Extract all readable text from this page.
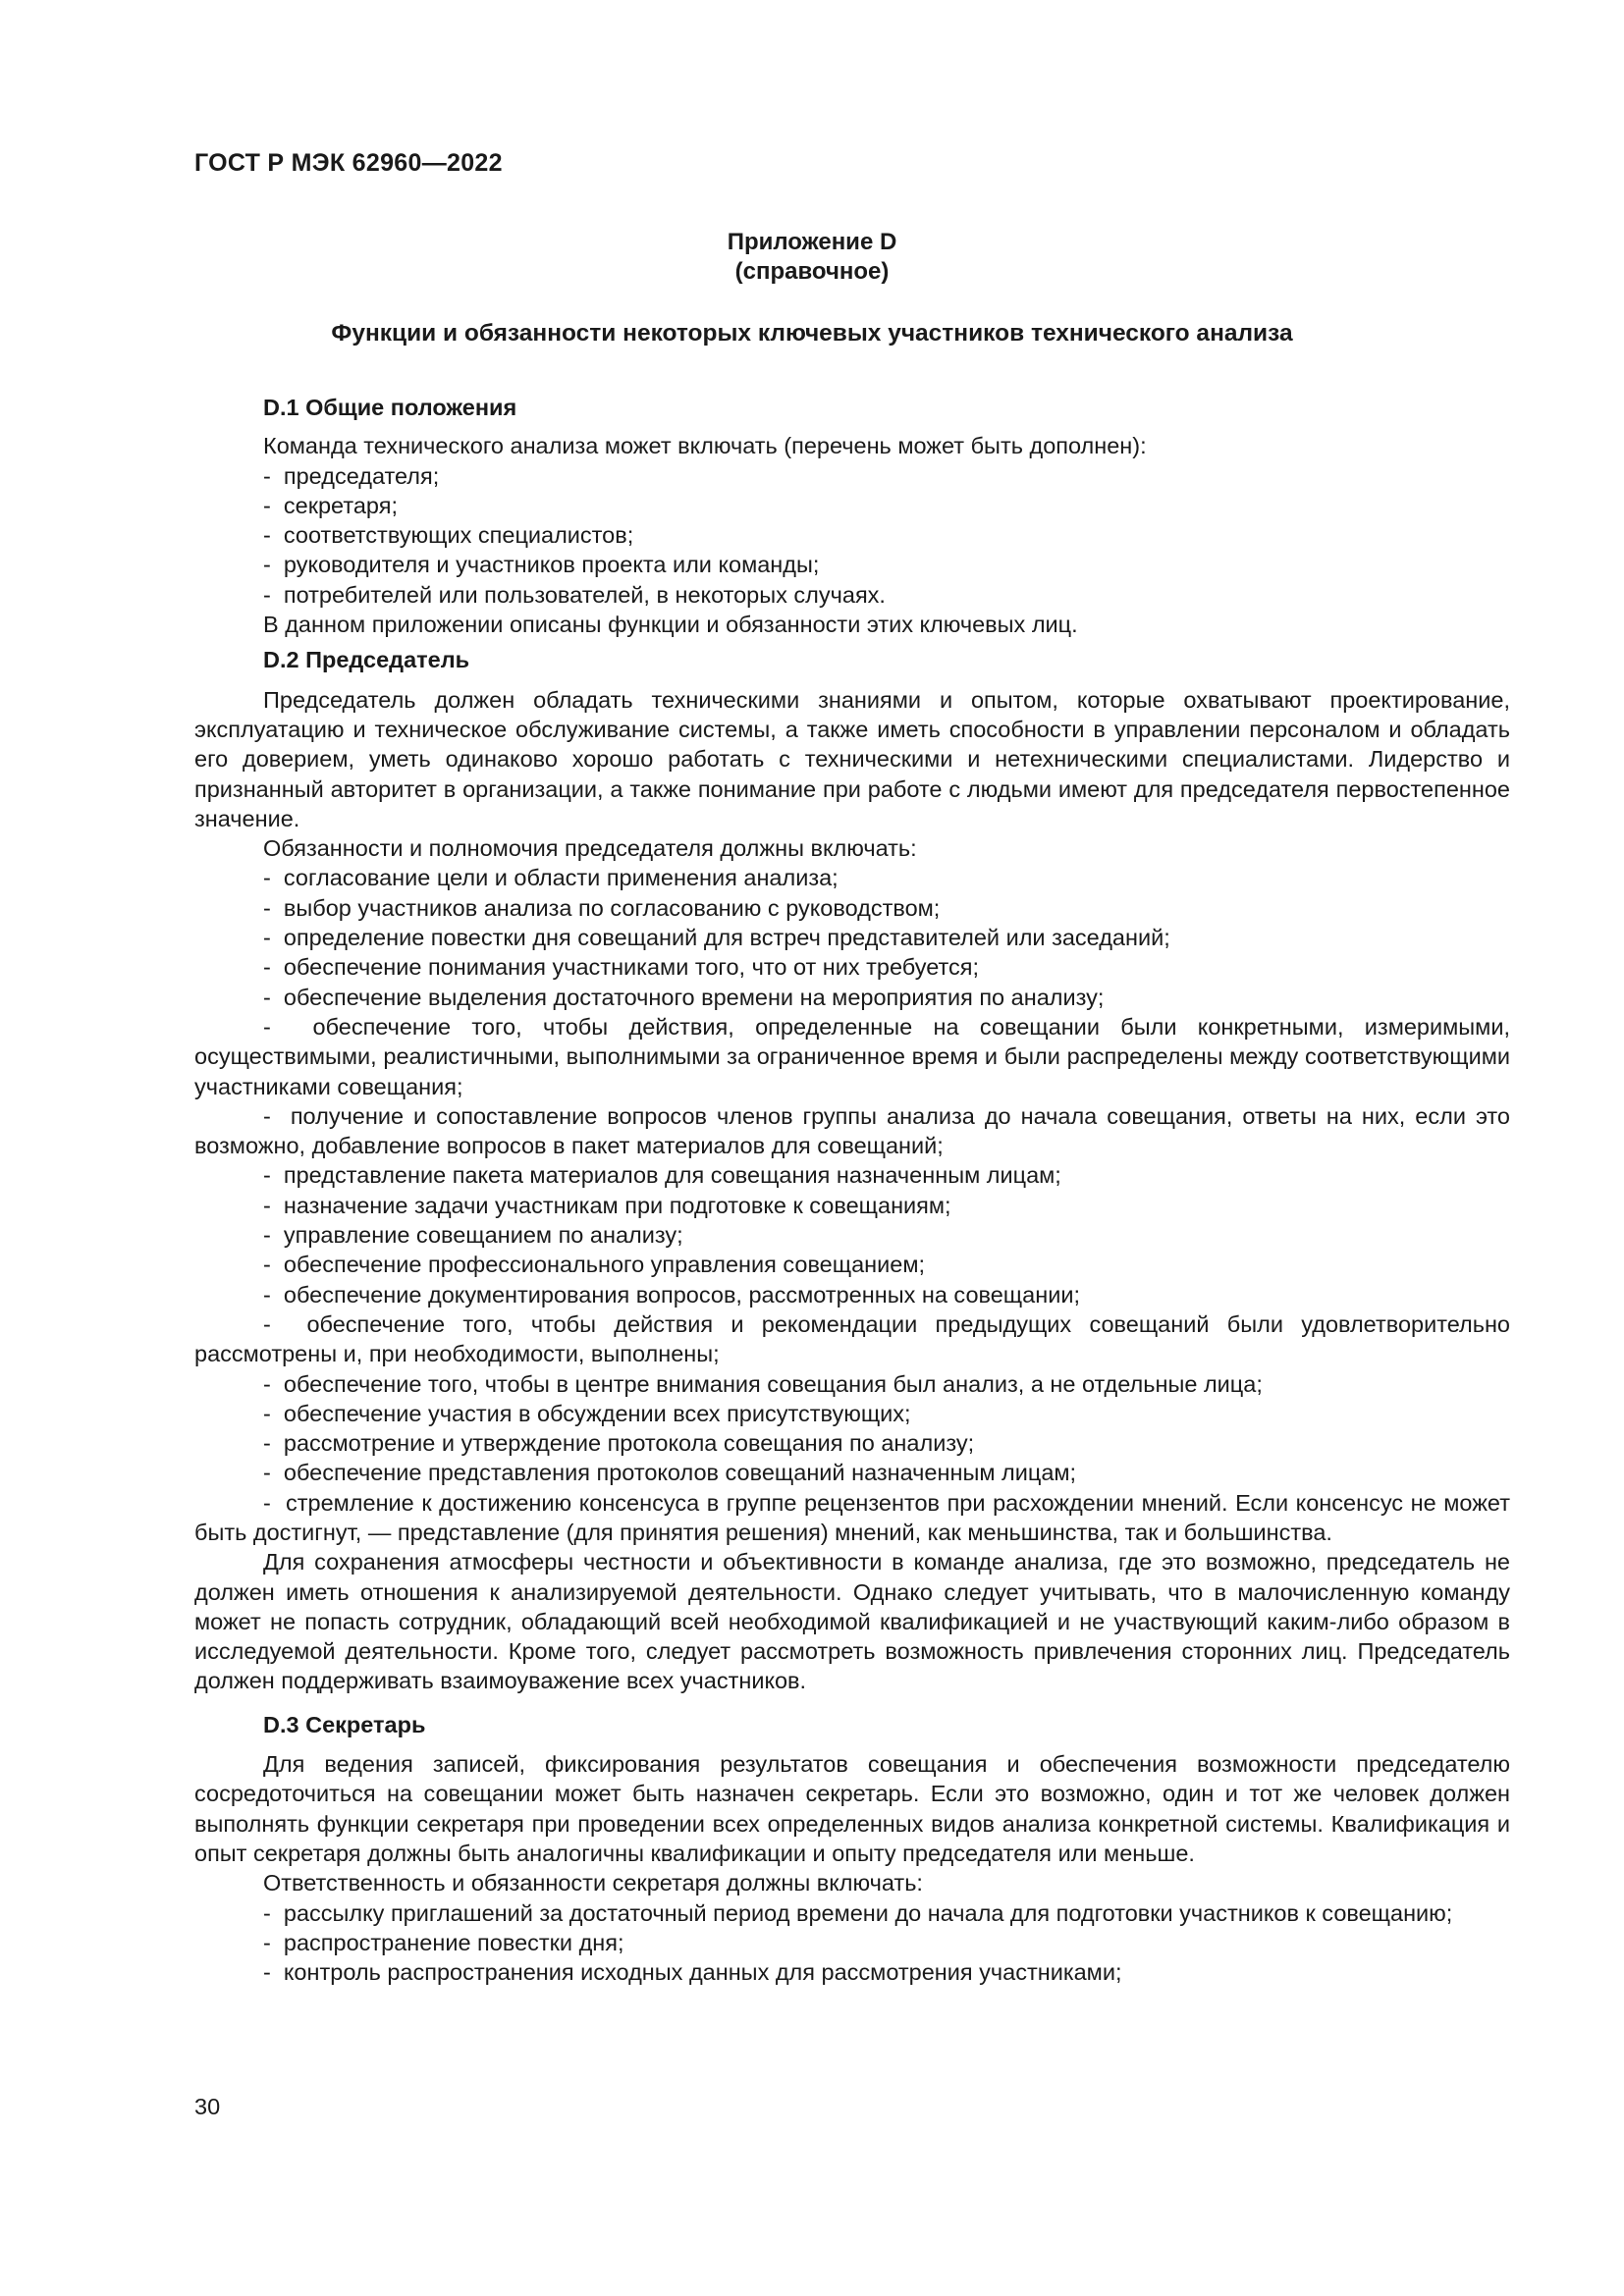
ГОСТ Р МЭК 62960—2022
Приложение D
(справочное)
Функции и обязанности некоторых ключевых участников технического анализа

D.1 Общие положения

Команда технического анализа может включать (перечень может быть дополнен):

-  председателя;

-  секретаря;

-  соответствующих специалистов;

-  руководителя и участников проекта или команды;

-  потребителей или пользователей, в некоторых случаях.

В данном приложении описаны функции и обязанности этих ключевых лиц.

D.2 Председатель

Председатель должен обладать техническими знаниями и опытом, которые охватывают проектирование, эксплуатацию и техническое обслуживание системы, а также иметь способности в управлении персоналом и обладать его доверием, уметь одинаково хорошо работать с техническими и нетехническими специалистами. Лидерство и признанный авторитет в организации, а также понимание при работе с людьми имеют для председателя первостепенное значение.

Обязанности и полномочия председателя должны включать:

-  согласование цели и области применения анализа;

-  выбор участников анализа по согласованию с руководством;

-  определение повестки дня совещаний для встреч представителей или заседаний;

-  обеспечение понимания участниками того, что от них требуется;

-  обеспечение выделения достаточного времени на мероприятия по анализу;

-  обеспечение того, чтобы действия, определенные на совещании были конкретными, измеримыми, осуществимыми, реалистичными, выполнимыми за ограниченное время и были распределены между соответствующими участниками совещания;

-  получение и сопоставление вопросов членов группы анализа до начала совещания, ответы на них, если это возможно, добавление вопросов в пакет материалов для совещаний;

-  представление пакета материалов для совещания назначенным лицам;

-  назначение задачи участникам при подготовке к совещаниям;

-  управление совещанием по анализу;

-  обеспечение профессионального управления совещанием;

-  обеспечение документирования вопросов, рассмотренных на совещании;

-  обеспечение того, чтобы действия и рекомендации предыдущих совещаний были удовлетворительно рассмотрены и, при необходимости, выполнены;

-  обеспечение того, чтобы в центре внимания совещания был анализ, а не отдельные лица;

-  обеспечение участия в обсуждении всех присутствующих;

-  рассмотрение и утверждение протокола совещания по анализу;

-  обеспечение представления протоколов совещаний назначенным лицам;

-  стремление к достижению консенсуса в группе рецензентов при расхождении мнений. Если консенсус не может быть достигнут, — представление (для принятия решения) мнений, как меньшинства, так и большинства.

Для сохранения атмосферы честности и объективности в команде анализа, где это возможно, председатель не должен иметь отношения к анализируемой деятельности. Однако следует учитывать, что в малочисленную команду может не попасть сотрудник, обладающий всей необходимой квалификацией и не участвующий каким-либо образом в исследуемой деятельности. Кроме того, следует рассмотреть возможность привлечения сторонних лиц. Председатель должен поддерживать взаимоуважение всех участников.

D.3 Секретарь

Для ведения записей, фиксирования результатов совещания и обеспечения возможности председателю сосредоточиться на совещании может быть назначен секретарь. Если это возможно, один и тот же человек должен выполнять функции секретаря при проведении всех определенных видов анализа конкретной системы. Квалификация и опыт секретаря должны быть аналогичны квалификации и опыту председателя или меньше.

Ответственность и обязанности секретаря должны включать:

-  рассылку приглашений за достаточный период времени до начала для подготовки участников к совещанию;

-  распространение повестки дня;

-  контроль распространения исходных данных для рассмотрения участниками;

30
